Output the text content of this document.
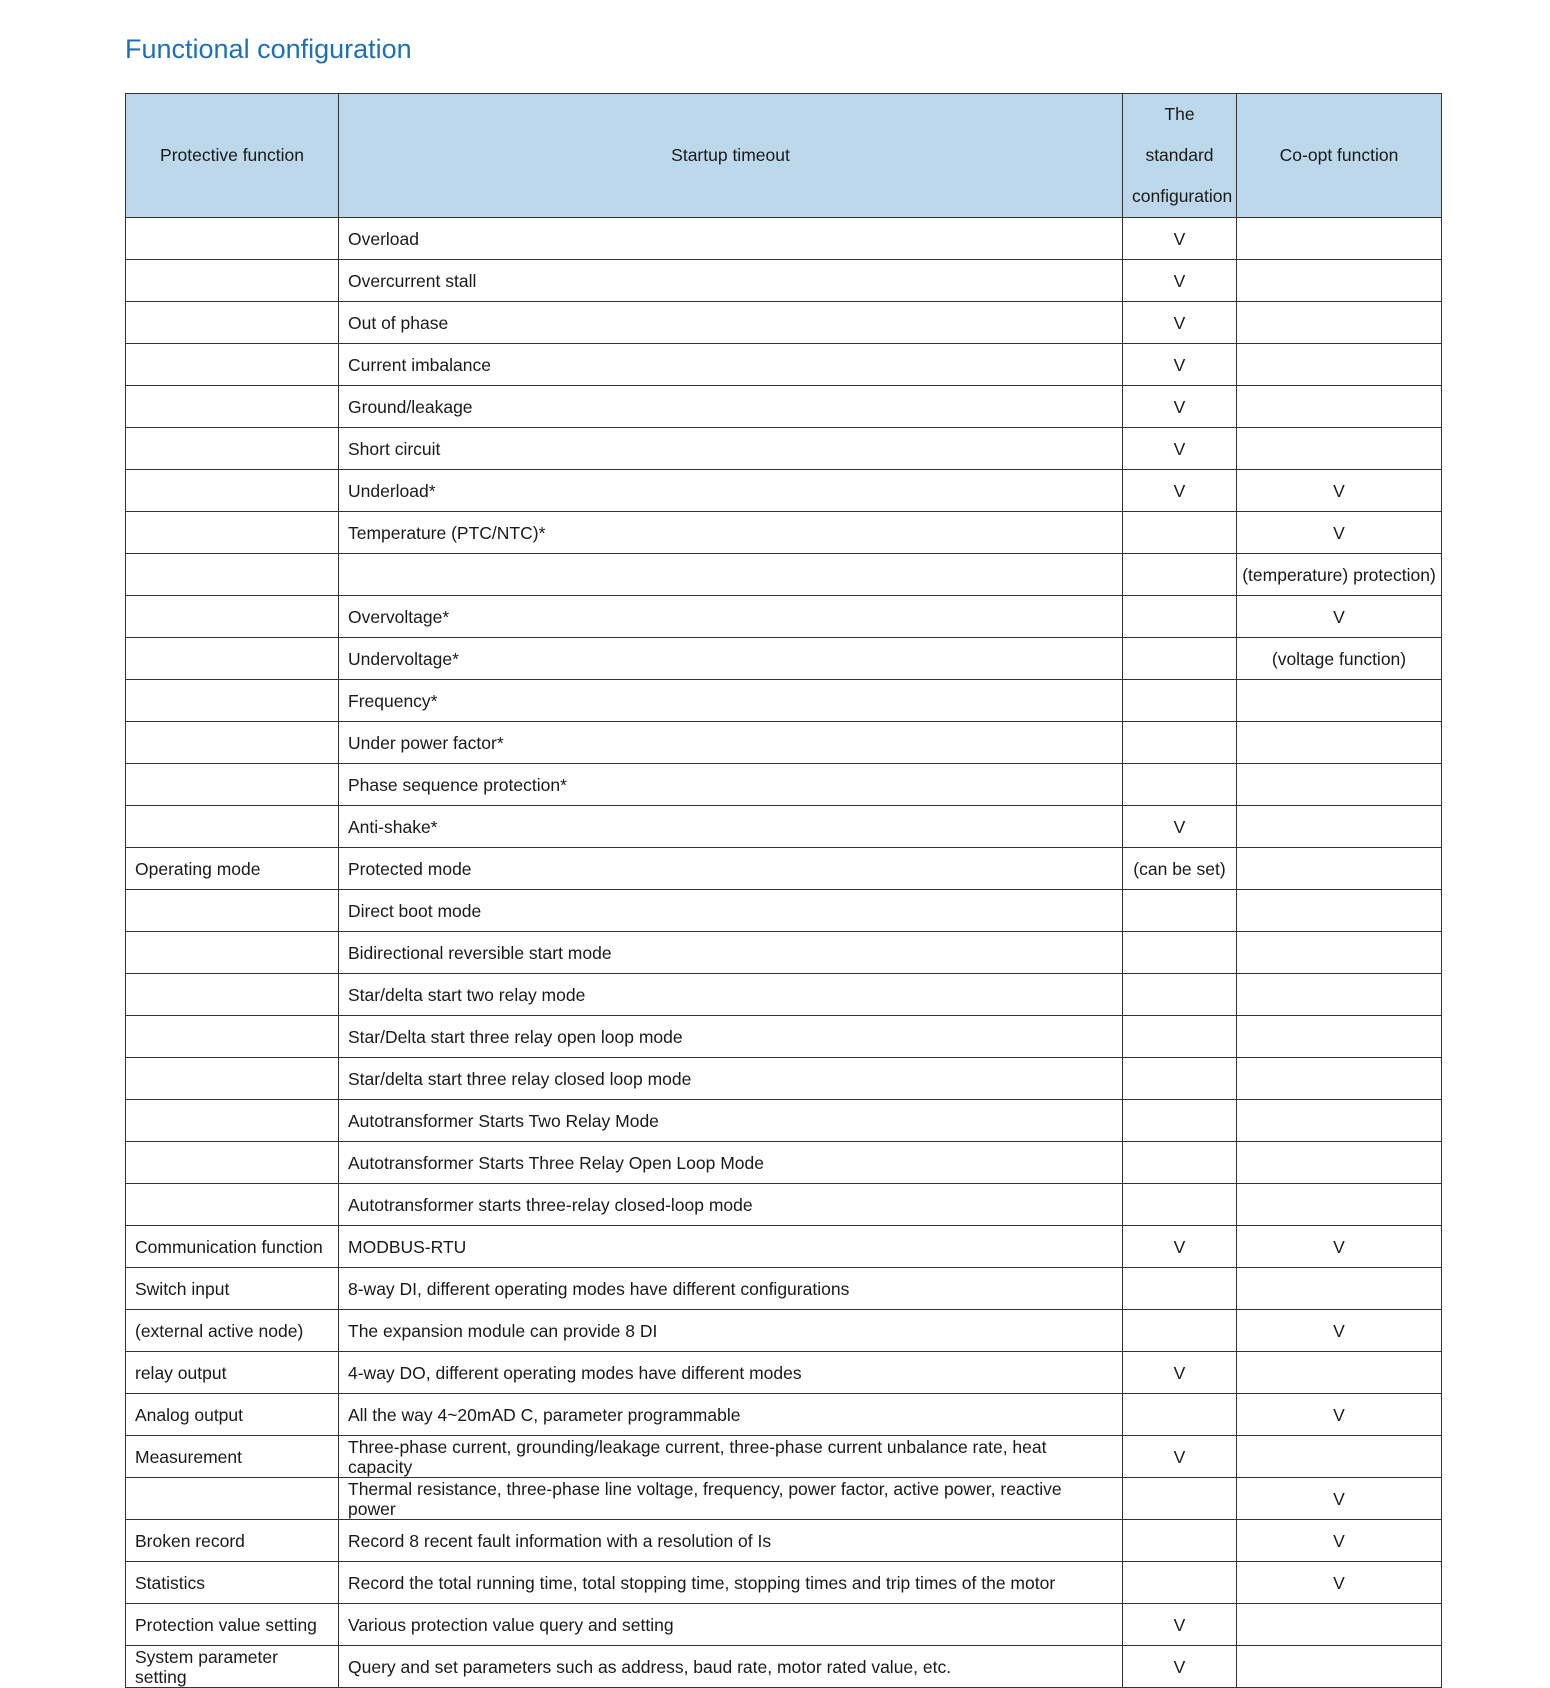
Functional configuration
Protective function	Startup timeout	The standard configuration	Co-opt function
	Overload	V	
	Overcurrent stall	V	
	Out of phase	V	
	Current imbalance	V	
	Ground/leakage	V	
	Short circuit	V	
	Underload*	V	V
	Temperature (PTC/NTC)*		V
			(temperature) protection)
	Overvoltage*		V
	Undervoltage*		(voltage function)
	Frequency*		
	Under power factor*		
	Phase sequence protection*		
	Anti-shake*	V	
Operating mode	Protected mode	(can be set)	
	Direct boot mode		
	Bidirectional reversible start mode		
	Star/delta start two relay mode		
	Star/Delta start three relay open loop mode		
	Star/delta start three relay closed loop mode		
	Autotransformer Starts Two Relay Mode		
	Autotransformer Starts Three Relay Open Loop Mode		
	Autotransformer starts three-relay closed-loop mode		
Communication function	MODBUS-RTU	V	V
Switch input	8-way DI, different operating modes have different configurations		
(external active node)	The expansion module can provide 8 DI		V
relay output	4-way DO, different operating modes have different modes	V	
Analog output	All the way 4~20mAD C, parameter programmable		V
Measurement	Three-phase current, grounding/leakage current, three-phase current unbalance rate, heat capacity	V	
	Thermal resistance, three-phase line voltage, frequency, power factor, active power, reactive power		V
Broken record	Record 8 recent fault information with a resolution of Is		V
Statistics	Record the total running time, total stopping time, stopping times and trip times of the motor		V
Protection value setting	Various protection value query and setting	V	
System parameter setting	Query and set parameters such as address, baud rate, motor rated value, etc.	V	
